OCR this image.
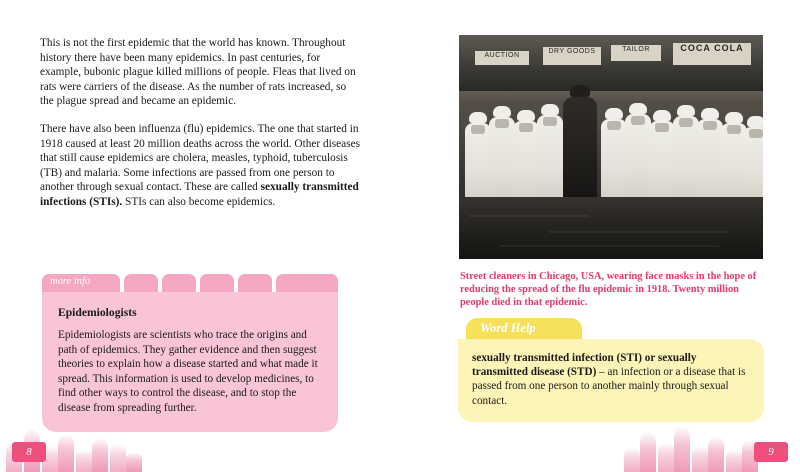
This is not the first epidemic that the world has known. Throughout history there have been many epidemics. In past centuries, for example, bubonic plague killed millions of people. Fleas that lived on rats were carriers of the disease. As the number of rats increased, so the plague spread and became an epidemic.

There have also been influenza (flu) epidemics. The one that started in 1918 caused at least 20 million deaths across the world. Other diseases that still cause epidemics are cholera, measles, typhoid, tuberculosis (TB) and malaria. Some infections are passed from one person to another through sexual contact. These are called sexually transmitted infections (STIs). STIs can also become epidemics.

more info

Epidemiologists

Epidemiologists are scientists who trace the origins and path of epidemics. They gather evidence and then suggest theories to explain how a disease started and what made it spread. This information is used to develop medicines, to find other ways to control the disease, and to stop the disease from spreading further.

AUCTION
DRY GOODS	TAILOR	COCA COLA
Street cleaners in Chicago, USA, wearing face masks in the hope of reducing the spread of the flu epidemic in 1918. Twenty million people died in that epidemic.
Word Help

sexually transmitted infection (STI) or sexually transmitted disease (STD) – an infection or a disease that is passed from one person to another mainly through sexual contact.

8	9
